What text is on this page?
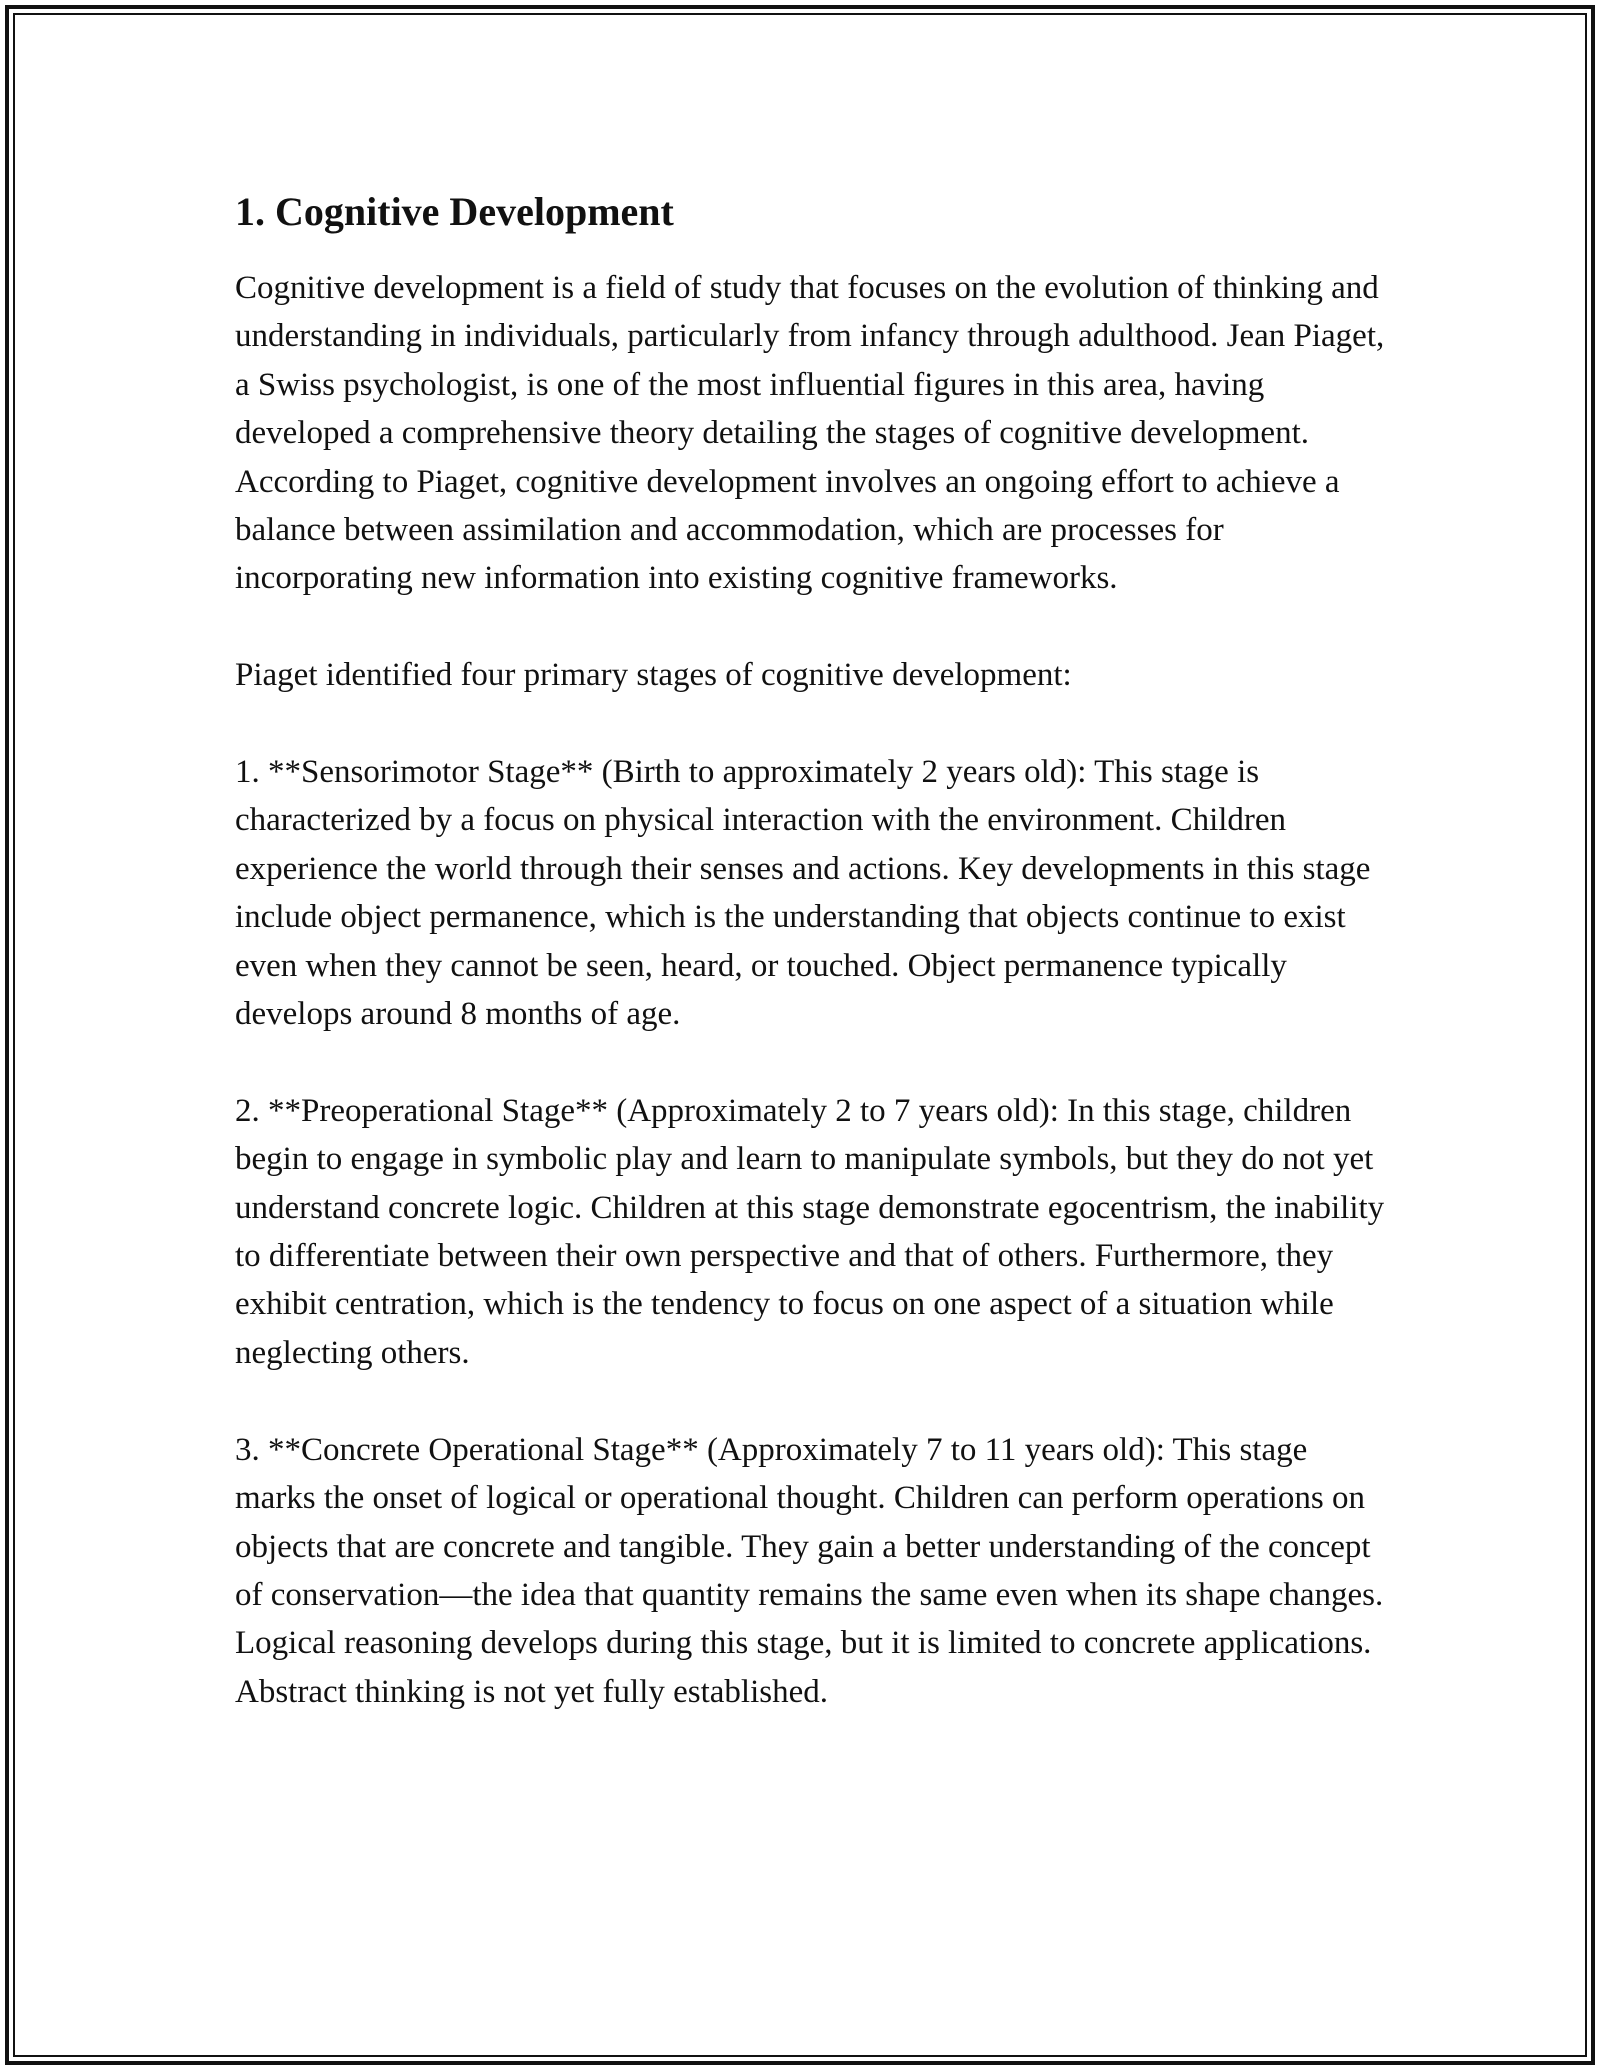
1. Cognitive Development

Cognitive development is a field of study that focuses on the evolution of thinking and understanding in individuals, particularly from infancy through adulthood. Jean Piaget, a Swiss psychologist, is one of the most influential figures in this area, having developed a comprehensive theory detailing the stages of cognitive development. According to Piaget, cognitive development involves an ongoing effort to achieve a balance between assimilation and accommodation, which are processes for incorporating new information into existing cognitive frameworks.

Piaget identified four primary stages of cognitive development:

1. **Sensorimotor Stage** (Birth to approximately 2 years old): This stage is characterized by a focus on physical interaction with the environment. Children experience the world through their senses and actions. Key developments in this stage include object permanence, which is the understanding that objects continue to exist even when they cannot be seen, heard, or touched. Object permanence typically develops around 8 months of age.

2. **Preoperational Stage** (Approximately 2 to 7 years old): In this stage, children begin to engage in symbolic play and learn to manipulate symbols, but they do not yet understand concrete logic. Children at this stage demonstrate egocentrism, the inability to differentiate between their own perspective and that of others. Furthermore, they exhibit centration, which is the tendency to focus on one aspect of a situation while neglecting others.

3. **Concrete Operational Stage** (Approximately 7 to 11 years old): This stage marks the onset of logical or operational thought. Children can perform operations on objects that are concrete and tangible. They gain a better understanding of the concept of conservation—the idea that quantity remains the same even when its shape changes. Logical reasoning develops during this stage, but it is limited to concrete applications. Abstract thinking is not yet fully established.
